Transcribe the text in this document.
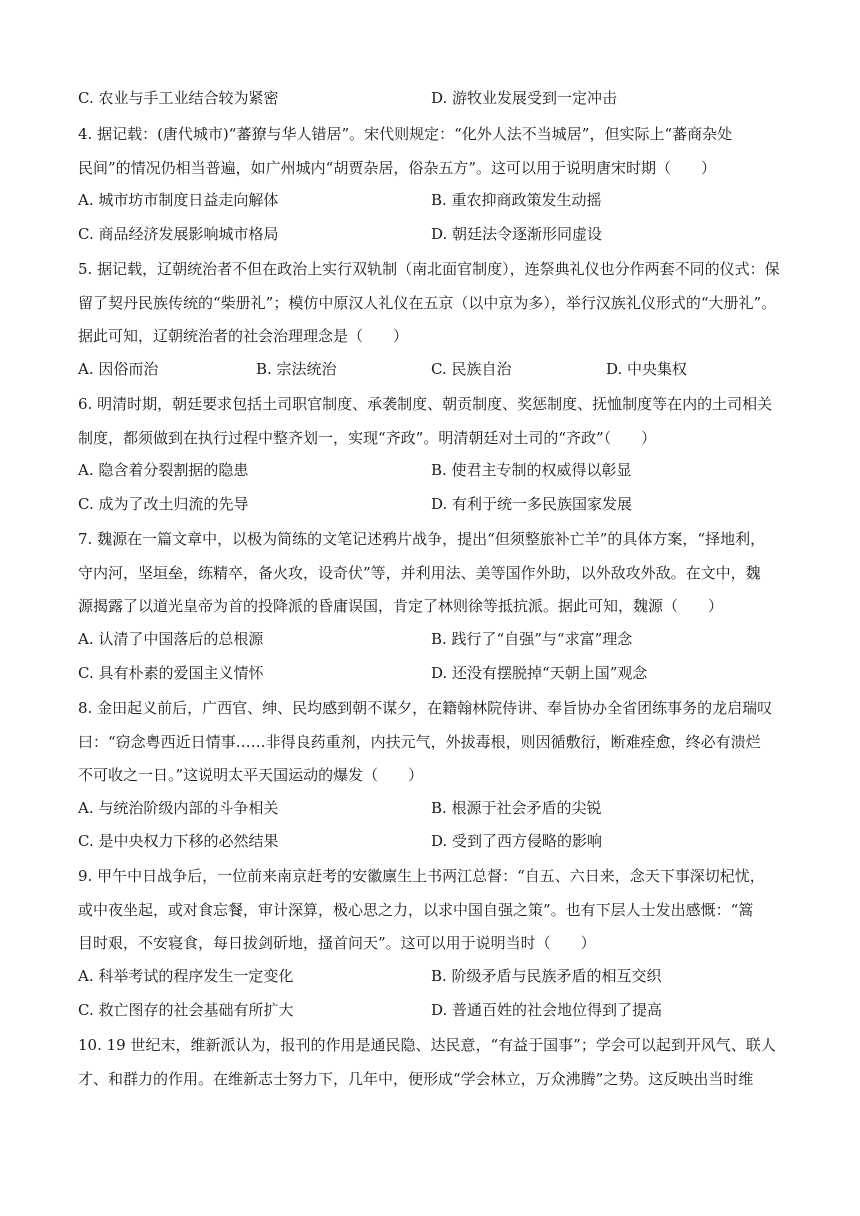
C. 农业与手工业结合较为紧密	D. 游牧业发展受到一定冲击
4. 据记载：(唐代城市)“蕃獠与华人错居”。宋代则规定：“化外人法不当城居”，但实际上“蕃商杂处
民间”的情况仍相当普遍，如广州城内“胡贾杂居，俗杂五方”。这可以用于说明唐宋时期（　　）
A. 城市坊市制度日益走向解体	B. 重农抑商政策发生动摇
C. 商品经济发展影响城市格局	D. 朝廷法令逐渐形同虚设
5. 据记载，辽朝统治者不但在政治上实行双轨制（南北面官制度），连祭典礼仪也分作两套不同的仪式：保
留了契丹民族传统的“柴册礼”；模仿中原汉人礼仪在五京（以中京为多），举行汉族礼仪形式的“大册礼”。
据此可知，辽朝统治者的社会治理理念是（　　）
A. 因俗而治	B. 宗法统治	C. 民族自治	D. 中央集权
6. 明清时期，朝廷要求包括土司职官制度、承袭制度、朝贡制度、奖惩制度、抚恤制度等在内的土司相关
制度，都须做到在执行过程中整齐划一，实现“齐政”。明清朝廷对土司的“齐政”（　　）
A. 隐含着分裂割据的隐患	B. 使君主专制的权威得以彰显
C. 成为了改土归流的先导	D. 有利于统一多民族国家发展
7. 魏源在一篇文章中，以极为简练的文笔记述鸦片战争，提出“但须整旅补亡羊”的具体方案，“择地利，
守内河，坚垣垒，练精卒，备火攻，设奇伏”等，并利用法、美等国作外助，以外敌攻外敌。在文中，魏
源揭露了以道光皇帝为首的投降派的昏庸误国，肯定了林则徐等抵抗派。据此可知，魏源（　　）
A. 认清了中国落后的总根源	B. 践行了“自强”与“求富”理念
C. 具有朴素的爱国主义情怀	D. 还没有摆脱掉“天朝上国”观念
8. 金田起义前后，广西官、绅、民均感到朝不谋夕，在籍翰林院侍讲、奉旨协办全省团练事务的龙启瑞叹
曰：“窃念粤西近日情事……非得良药重剂，内扶元气，外拔毒根，则因循敷衍，断难痊愈，终必有溃烂
不可收之一日。”这说明太平天国运动的爆发（　　）
A. 与统治阶级内部的斗争相关	B. 根源于社会矛盾的尖锐
C. 是中央权力下移的必然结果	D. 受到了西方侵略的影响
9. 甲午中日战争后，一位前来南京赶考的安徽廪生上书两江总督：“自五、六日来，念天下事深切杞忧，
或中夜坐起，或对食忘餐，审计深算，极心思之力，以求中国自强之策”。也有下层人士发出感慨：“篙
目时艰，不安寝食，每日拔剑斫地，搔首问天”。这可以用于说明当时（　　）
A. 科举考试的程序发生一定变化	B. 阶级矛盾与民族矛盾的相互交织
C. 救亡图存的社会基础有所扩大	D. 普通百姓的社会地位得到了提高
10. 19 世纪末，维新派认为，报刊的作用是通民隐、达民意，“有益于国事”；学会可以起到开风气、联人
才、和群力的作用。在维新志士努力下，几年中，便形成“学会林立，万众沸腾”之势。这反映出当时维
